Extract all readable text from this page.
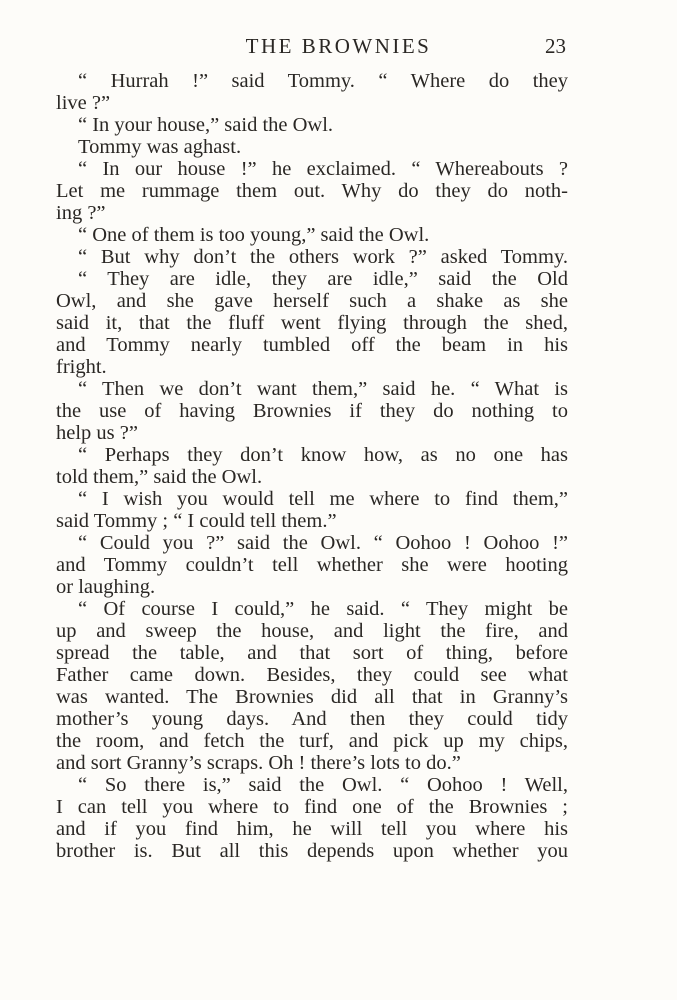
THE BROWNIES	23
“ Hurrah !” said Tommy. “ Where do they
live ?”
“ In your house,” said the Owl.
Tommy was aghast.
“ In our house !” he exclaimed. “ Whereabouts ?
Let me rummage them out. Why do they do noth-
ing ?”
“ One of them is too young,” said the Owl.
“ But why don’t the others work ?” asked Tommy.
“ They are idle, they are idle,” said the Old
Owl, and she gave herself such a shake as she
said it, that the fluff went flying through the shed,
and Tommy nearly tumbled off the beam in his
fright.
“ Then we don’t want them,” said he. “ What is
the use of having Brownies if they do nothing to
help us ?”
“ Perhaps they don’t know how, as no one has
told them,” said the Owl.
“ I wish you would tell me where to find them,”
said Tommy ; “ I could tell them.”
“ Could you ?” said the Owl. “ Oohoo ! Oohoo !”
and Tommy couldn’t tell whether she were hooting
or laughing.
“ Of course I could,” he said. “ They might be
up and sweep the house, and light the fire, and
spread the table, and that sort of thing, before
Father came down. Besides, they could see what
was wanted. The Brownies did all that in Granny’s
mother’s young days. And then they could tidy
the room, and fetch the turf, and pick up my chips,
and sort Granny’s scraps. Oh ! there’s lots to do.”
“ So there is,” said the Owl. “ Oohoo ! Well,
I can tell you where to find one of the Brownies ;
and if you find him, he will tell you where his
brother is. But all this depends upon whether you
